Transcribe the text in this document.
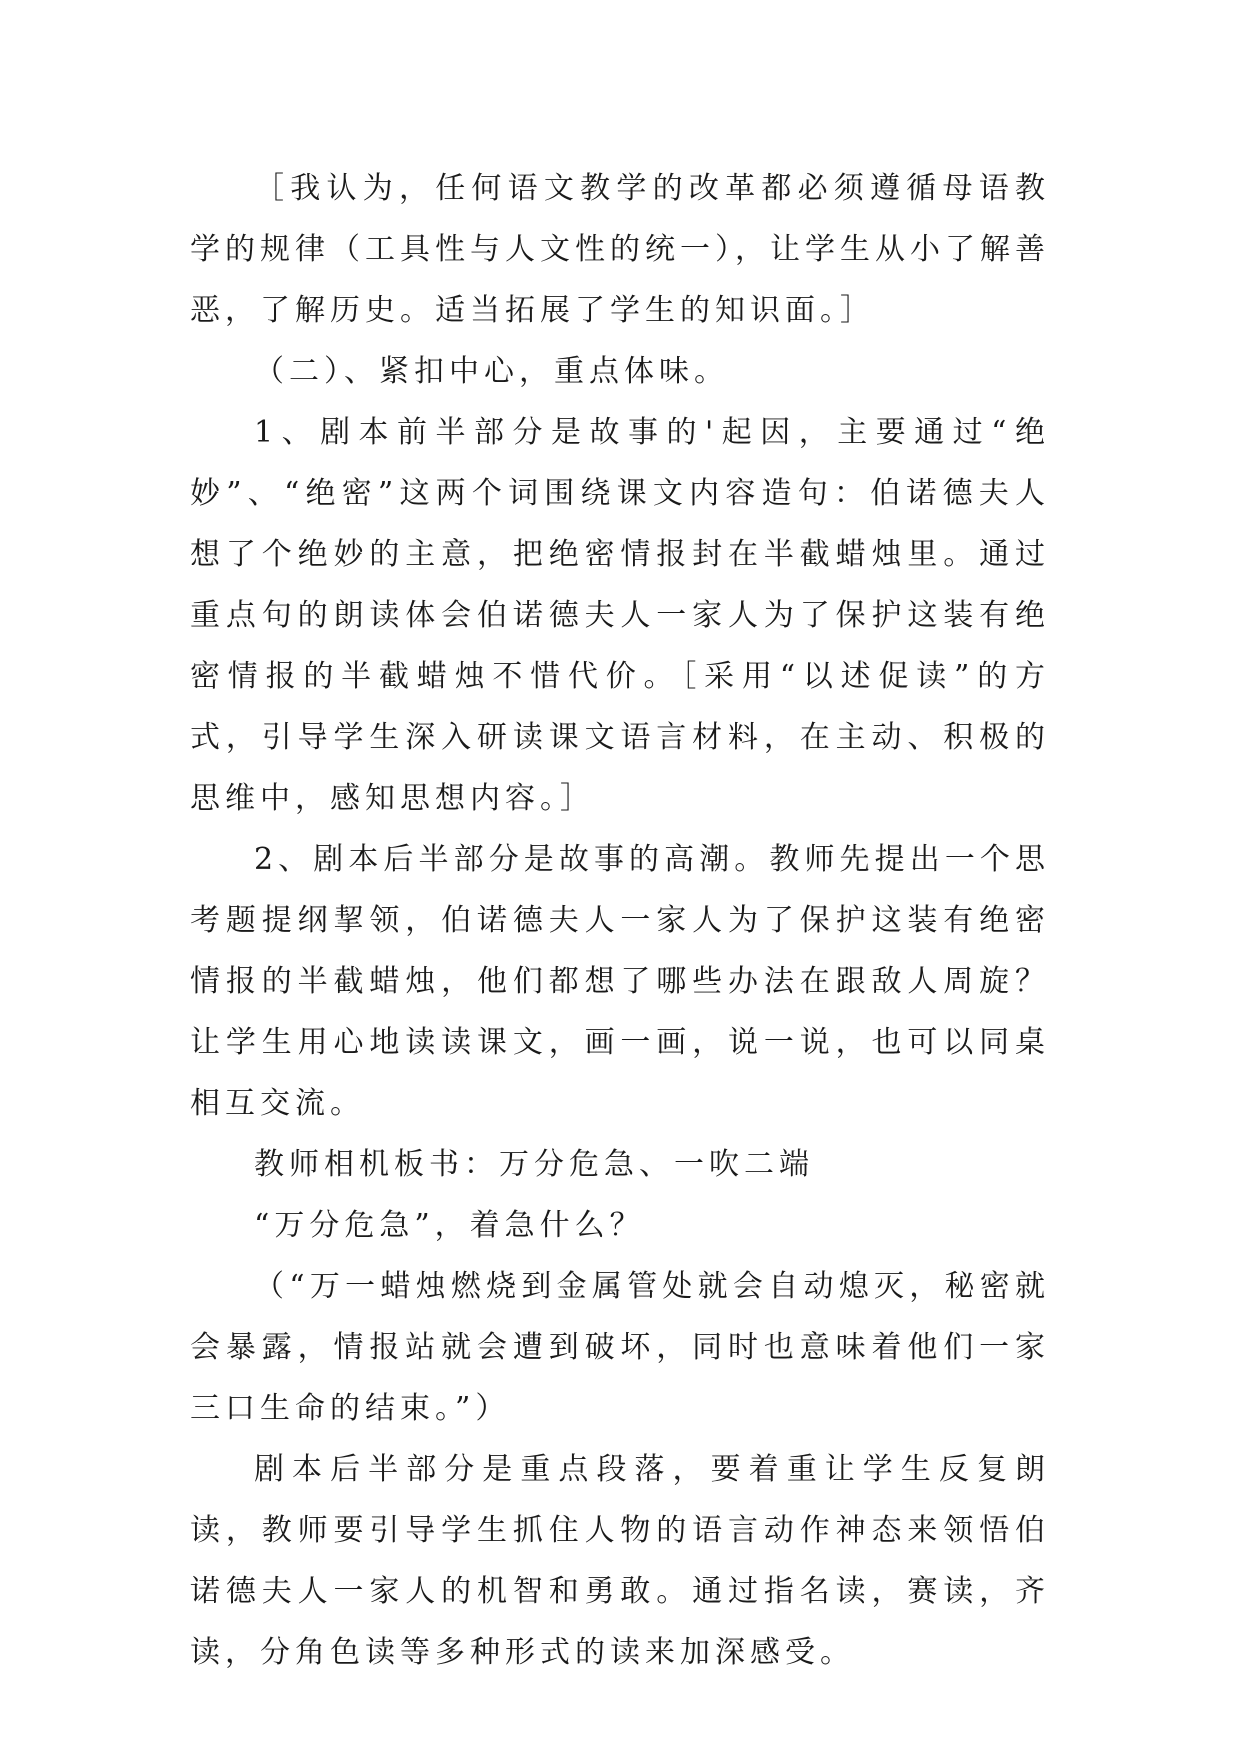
［我认为，任何语文教学的改革都必须遵循母语教学的规律（工具性与人文性的统一），让学生从小了解善恶，了解历史。适当拓展了学生的知识面。］

（二）、紧扣中心，重点体味。

1、剧本前半部分是故事的'起因，主要通过“绝妙”、“绝密”这两个词围绕课文内容造句：伯诺德夫人想了个绝妙的主意，把绝密情报封在半截蜡烛里。通过重点句的朗读体会伯诺德夫人一家人为了保护这装有绝密情报的半截蜡烛不惜代价。［采用“以述促读”的方式，引导学生深入研读课文语言材料，在主动、积极的思维中，感知思想内容。］

2、剧本后半部分是故事的高潮。教师先提出一个思考题提纲挈领，伯诺德夫人一家人为了保护这装有绝密情报的半截蜡烛，他们都想了哪些办法在跟敌人周旋？让学生用心地读读课文，画一画，说一说，也可以同桌相互交流。

教师相机板书：万分危急、一吹二端

“万分危急”，着急什么？

（“万一蜡烛燃烧到金属管处就会自动熄灭，秘密就会暴露，情报站就会遭到破坏，同时也意味着他们一家三口生命的结束。”）

剧本后半部分是重点段落，要着重让学生反复朗读，教师要引导学生抓住人物的语言动作神态来领悟伯诺德夫人一家人的机智和勇敢。通过指名读，赛读，齐读，分角色读等多种形式的读来加深感受。
